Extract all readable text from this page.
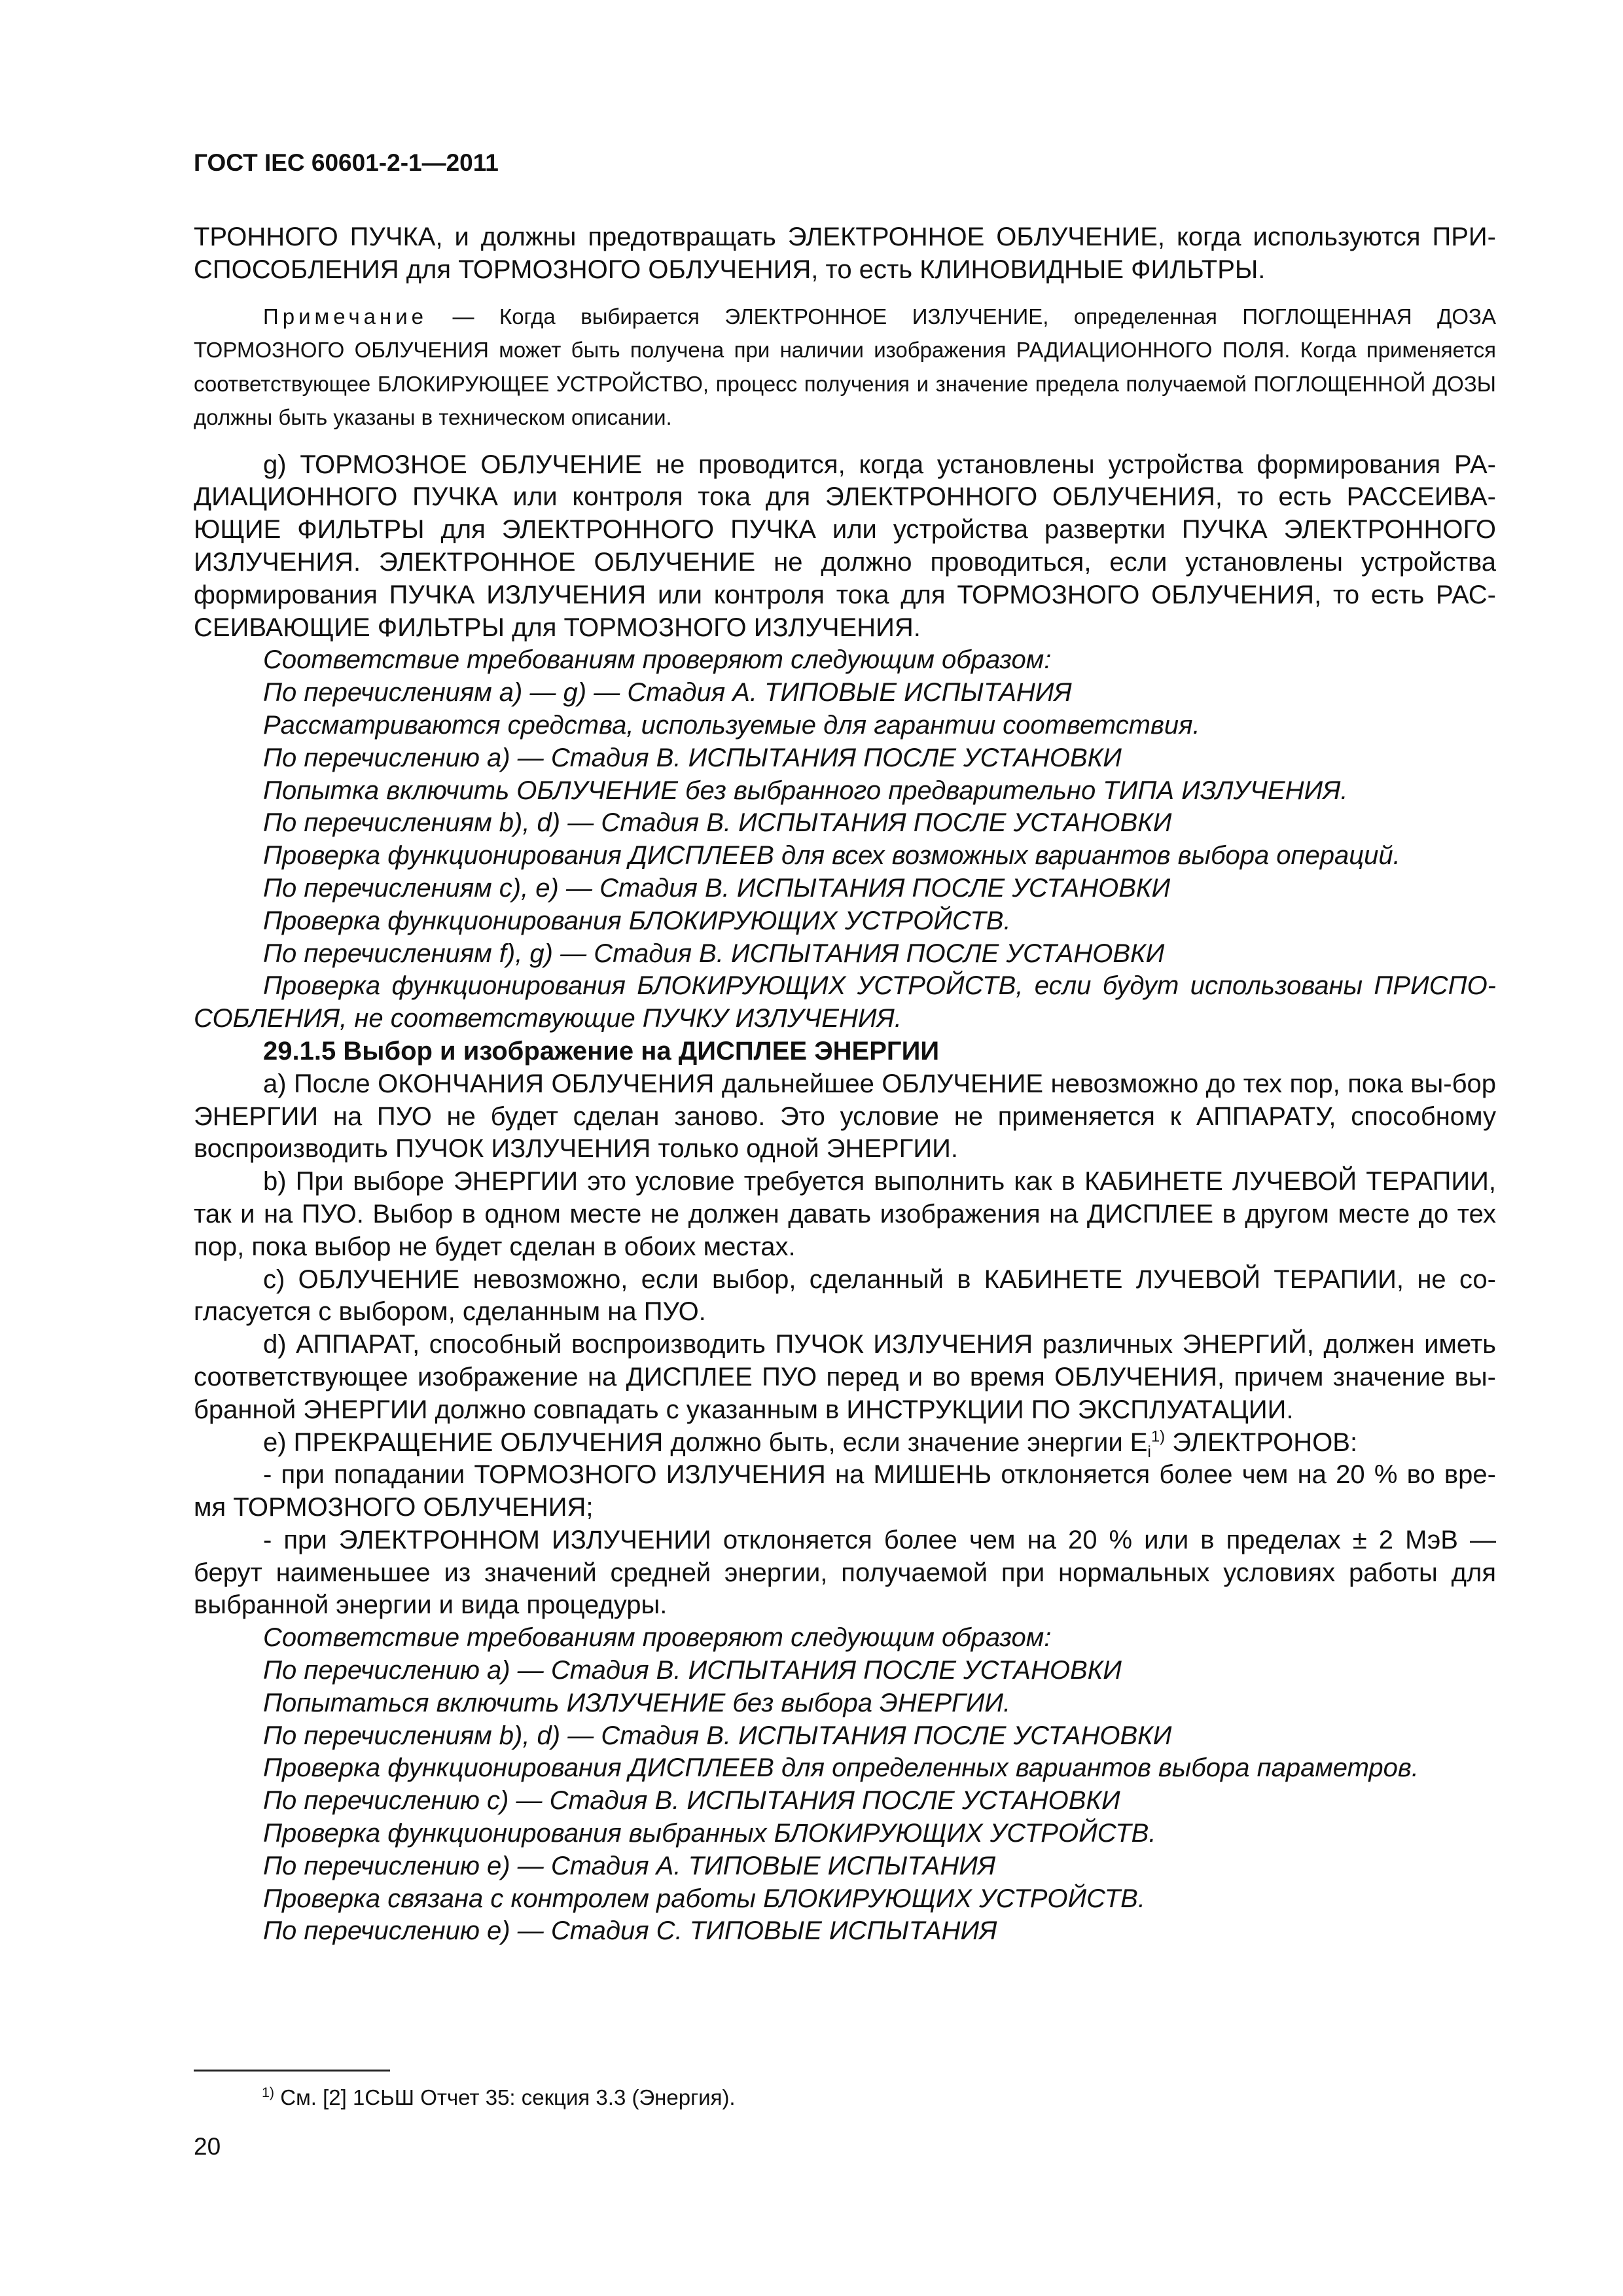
ГОСТ IEC 60601-2-1—2011

ТРОННОГО ПУЧКА, и должны предотвращать ЭЛЕКТРОННОЕ ОБЛУЧЕНИЕ, когда используются ПРИ-СПОСОБЛЕНИЯ для ТОРМОЗНОГО ОБЛУЧЕНИЯ, то есть КЛИНОВИДНЫЕ ФИЛЬТРЫ.

Примечание — Когда выбирается ЭЛЕКТРОННОЕ ИЗЛУЧЕНИЕ, определенная ПОГЛОЩЕННАЯ ДОЗА ТОРМОЗНОГО ОБЛУЧЕНИЯ может быть получена при наличии изображения РАДИАЦИОННОГО ПОЛЯ. Когда применяется соответствующее БЛОКИРУЮЩЕЕ УСТРОЙСТВО, процесс получения и значение предела получаемой ПОГЛОЩЕННОЙ ДОЗЫ должны быть указаны в техническом описании.

g) ТОРМОЗНОЕ ОБЛУЧЕНИЕ не проводится, когда установлены устройства формирования РА-ДИАЦИОННОГО ПУЧКА или контроля тока для ЭЛЕКТРОННОГО ОБЛУЧЕНИЯ, то есть РАССЕИВА-ЮЩИЕ ФИЛЬТРЫ для ЭЛЕКТРОННОГО ПУЧКА или устройства развертки ПУЧКА ЭЛЕКТРОННОГО ИЗЛУЧЕНИЯ. ЭЛЕКТРОННОЕ ОБЛУЧЕНИЕ не должно проводиться, если установлены устройства формирования ПУЧКА ИЗЛУЧЕНИЯ или контроля тока для ТОРМОЗНОГО ОБЛУЧЕНИЯ, то есть РАС-СЕИВАЮЩИЕ ФИЛЬТРЫ для ТОРМОЗНОГО ИЗЛУЧЕНИЯ.

Соответствие требованиям проверяют следующим образом:

По перечислениям a) — g) — Стадия А. ТИПОВЫЕ ИСПЫТАНИЯ

Рассматриваются средства, используемые для гарантии соответствия.

По перечислению a) — Стадия В. ИСПЫТАНИЯ ПОСЛЕ УСТАНОВКИ

Попытка включить ОБЛУЧЕНИЕ без выбранного предварительно ТИПА ИЗЛУЧЕНИЯ.

По перечислениям b), d) — Стадия В. ИСПЫТАНИЯ ПОСЛЕ УСТАНОВКИ

Проверка функционирования ДИСПЛЕЕВ для всех возможных вариантов выбора операций.

По перечислениям с), е) — Стадия В. ИСПЫТАНИЯ ПОСЛЕ УСТАНОВКИ

Проверка функционирования БЛОКИРУЮЩИХ УСТРОЙСТВ.

По перечислениям f), g) — Стадия В. ИСПЫТАНИЯ ПОСЛЕ УСТАНОВКИ

Проверка функционирования БЛОКИРУЮЩИХ УСТРОЙСТВ, если будут использованы ПРИСПО-СОБЛЕНИЯ, не соответствующие ПУЧКУ ИЗЛУЧЕНИЯ.

29.1.5 Выбор и изображение на ДИСПЛЕЕ ЭНЕРГИИ

a) После ОКОНЧАНИЯ ОБЛУЧЕНИЯ дальнейшее ОБЛУЧЕНИЕ невозможно до тех пор, пока вы-бор ЭНЕРГИИ на ПУО не будет сделан заново. Это условие не применяется к АППАРАТУ, способному воспроизводить ПУЧОК ИЗЛУЧЕНИЯ только одной ЭНЕРГИИ.

b) При выборе ЭНЕРГИИ это условие требуется выполнить как в КАБИНЕТЕ ЛУЧЕВОЙ ТЕРАПИИ, так и на ПУО. Выбор в одном месте не должен давать изображения на ДИСПЛЕЕ в другом месте до тех пор, пока выбор не будет сделан в обоих местах.

с) ОБЛУЧЕНИЕ невозможно, если выбор, сделанный в КАБИНЕТЕ ЛУЧЕВОЙ ТЕРАПИИ, не со-гласуется с выбором, сделанным на ПУО.

d) АППАРАТ, способный воспроизводить ПУЧОК ИЗЛУЧЕНИЯ различных ЭНЕРГИЙ, должен иметь соответствующее изображение на ДИСПЛЕЕ ПУО перед и во время ОБЛУЧЕНИЯ, причем значение вы-бранной ЭНЕРГИИ должно совпадать с указанным в ИНСТРУКЦИИ ПО ЭКСПЛУАТАЦИИ.

е) ПРЕКРАЩЕНИЕ ОБЛУЧЕНИЯ должно быть, если значение энергии $E_i^{1)}$ ЭЛЕКТРОНОВ:

- при попадании ТОРМОЗНОГО ИЗЛУЧЕНИЯ на МИШЕНЬ отклоняется более чем на 20 % во вре-мя ТОРМОЗНОГО ОБЛУЧЕНИЯ;

- при ЭЛЕКТРОННОМ ИЗЛУЧЕНИИ отклоняется более чем на 20 % или в пределах ± 2 МэВ — берут наименьшее из значений средней энергии, получаемой при нормальных условиях работы для выбранной энергии и вида процедуры.

Соответствие требованиям проверяют следующим образом:

По перечислению a) — Стадия В. ИСПЫТАНИЯ ПОСЛЕ УСТАНОВКИ

Попытаться включить ИЗЛУЧЕНИЕ без выбора ЭНЕРГИИ.

По перечислениям b), d) — Стадия В. ИСПЫТАНИЯ ПОСЛЕ УСТАНОВКИ

Проверка функционирования ДИСПЛЕЕВ для определенных вариантов выбора параметров.

По перечислению с) — Стадия В. ИСПЫТАНИЯ ПОСЛЕ УСТАНОВКИ

Проверка функционирования выбранных БЛОКИРУЮЩИХ УСТРОЙСТВ.

По перечислению е) — Стадия А. ТИПОВЫЕ ИСПЫТАНИЯ

Проверка связана с контролем работы БЛОКИРУЮЩИХ УСТРОЙСТВ.

По перечислению е) — Стадия С. ТИПОВЫЕ ИСПЫТАНИЯ

$^{1)}$ См. [2] 1СЬШ Отчет 35: секция 3.3 (Энергия).
20
